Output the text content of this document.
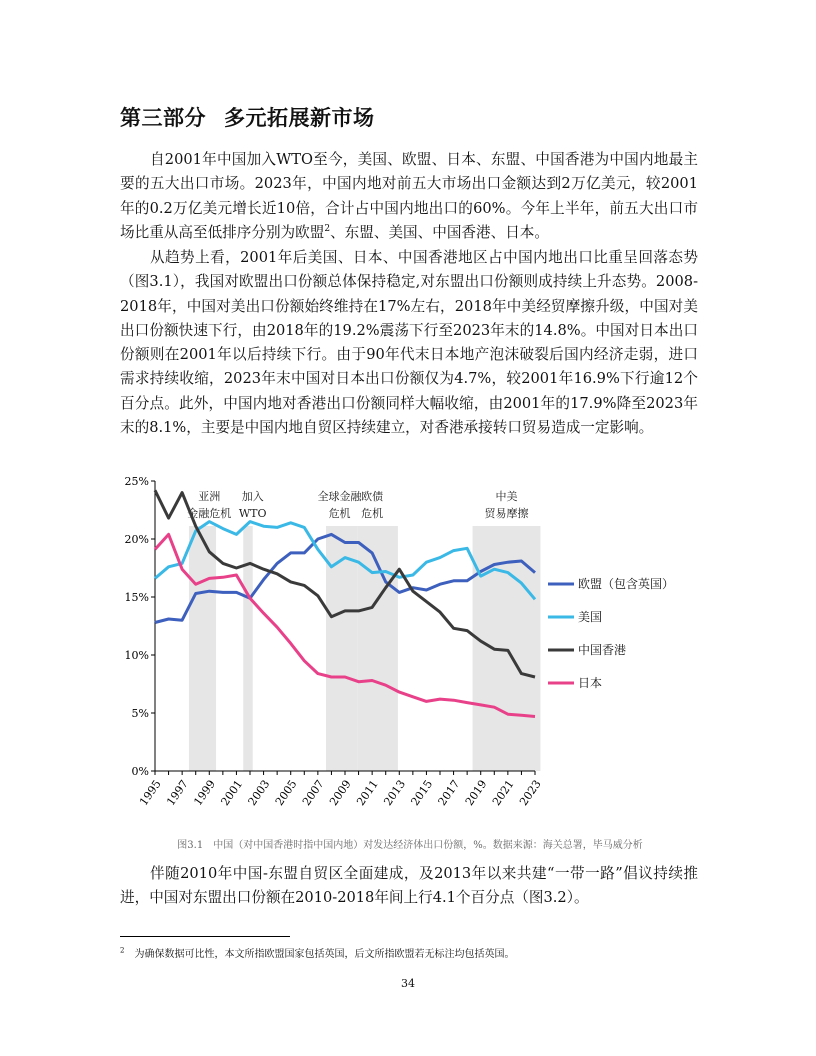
第三部分 多元拓展新市场

自2001年中国加入WTO至今，美国、欧盟、日本、东盟、中国香港为中国内地最主要的五大出口市场。2023年，中国内地对前五大市场出口金额达到2万亿美元，较2001年的0.2万亿美元增长近10倍，合计占中国内地出口的60%。今年上半年，前五大出口市场比重从高至低排序分别为欧盟$^2$、东盟、美国、中国香港、日本。

从趋势上看，2001年后美国、日本、中国香港地区占中国内地出口比重呈回落态势（图3.1），我国对欧盟出口份额总体保持稳定,对东盟出口份额则成持续上升态势。2008-2018年，中国对美出口份额始终维持在17%左右，2018年中美经贸摩擦升级，中国对美出口份额快速下行，由2018年的19.2%震荡下行至2023年末的14.8%。中国对日本出口份额则在2001年以后持续下行。由于90年代末日本地产泡沫破裂后国内经济走弱，进口需求持续收缩，2023年末中国对日本出口份额仅为4.7%，较2001年16.9%下行逾12个百分点。此外，中国内地对香港出口份额同样大幅收缩，由2001年的17.9%降至2023年末的8.1%，主要是中国内地自贸区持续建立，对香港承接转口贸易造成一定影响。

0%
5%
10%
15%
20%
25%
1995 1997 1999 2001 2003 2005 2007 2009 2011 2013 2015 2017 2019 2021 2023
亚洲
金融危机
加入
WTO
全球金融
危机
欧债
危机
中美
贸易摩擦
欧盟（包含英国）
美国
中国香港
日本

图3.1　中国（对中国香港时指中国内地）对发达经济体出口份额，%。数据来源：海关总署，毕马威分析

伴随2010年中国-东盟自贸区全面建成，及2013年以来共建“一带一路”倡议持续推进，中国对东盟出口份额在2010-2018年间上行4.1个百分点（图3.2）。

$^2$　 为确保数据可比性，本文所指欧盟国家包括英国，后文所指欧盟若无标注均包括英国。

34
